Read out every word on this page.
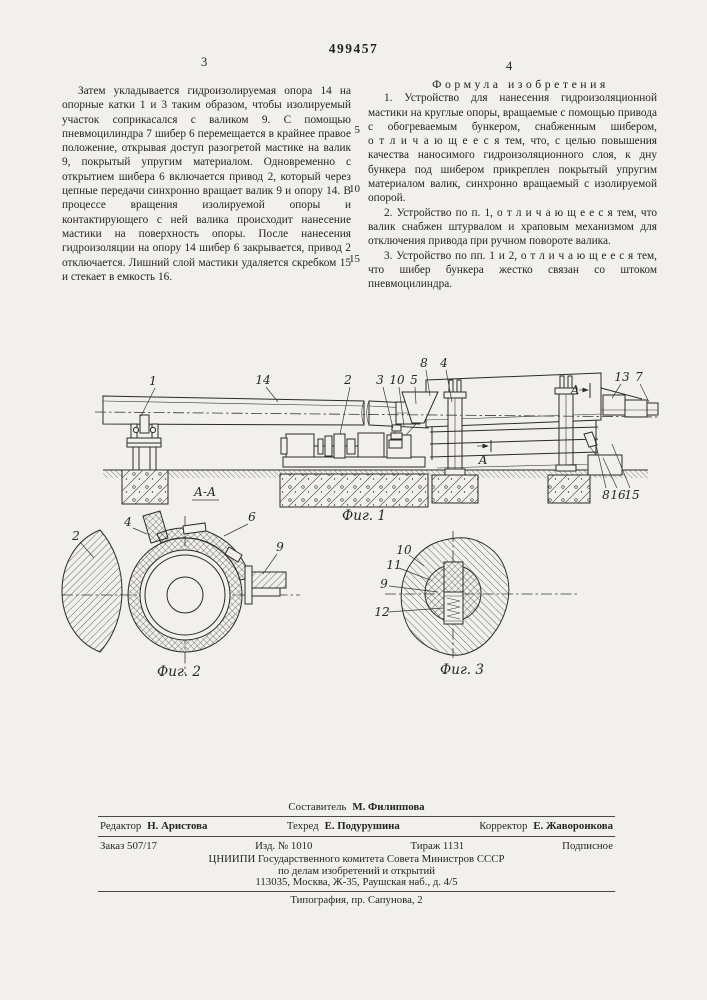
499457
3	4

Затем укладывается гидроизолируемая опора 14 на опорные катки 1 и 3 таким образом, чтобы изолируемый участок соприкасался с валиком 9. С помощью пневмоцилиндра 7 шибер 6 перемещается в крайнее правое положение, открывая доступ разогретой мастике на валик 9, покрытый упругим материалом. Одновременно с открытием шибера 6 включается привод 2, который через цепные передачи синхронно вращает валик 9 и опору 14. В процессе вращения изолируемой опоры и контактирующего с ней валика происходит нанесение мастики на поверхность опоры. После нанесения гидроизоляции на опору 14 шибер 6 закрывается, привод 2 отключается. Лишний слой мастики удаляется скребком 15 и стекает в емкость 16.

Формула изобретения

1. Устройство для нанесения гидроизоляционной мастики на круглые опоры, вращаемые с помощью привода с обогреваемым бункером, снабженным шибером, о т л и ч а ю щ е е с я тем, что, с целью повышения качества наносимого гидроизоляционного слоя, к дну бункера под шибером прикреплен покрытый упругим материалом валик, синхронно вращаемый с изолируемой опорой.

2. Устройство по п. 1, о т л и ч а ю щ е е с я тем, что валик снабжен штурвалом и храповым механизмом для отключения привода при ручном повороте валика.

3. Устройство по пп. 1 и 2, о т л и ч а ю щ е е с я тем, что шибер бункера жестко связан со штоком пневмоцилиндра.

5
10
15
А
А
1	14	2 3 10 5
8 4
13 7
8 16
15
А-А
Фиг. 1
2
4	6
9
Фиг. 2
10
11
9
12
Фиг. 3
Составитель М. Филиппова
Редактор Н. Аристова	Техред Е. Подурушина	Корректор Е. Жаворонкова
Заказ 507/17	Изд. № 1010	Тираж 1131	Подписное
ЦНИИПИ Государственного комитета Совета Министров СССР
по делам изобретений и открытий
113035, Москва, Ж-35, Раушская наб., д. 4/5
Типография, пр. Сапунова, 2
